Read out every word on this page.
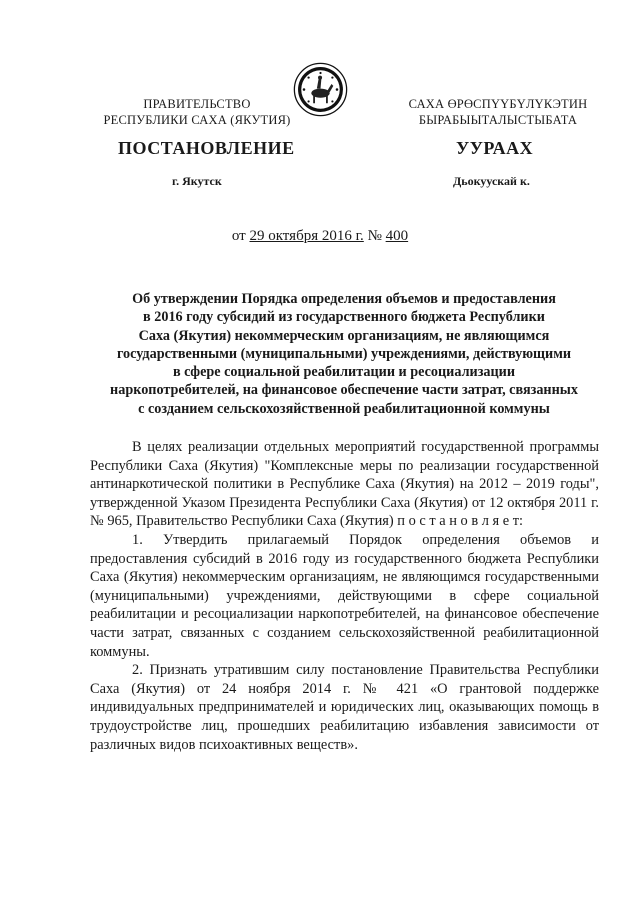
ПРАВИТЕЛЬСТВО
РЕСПУБЛИКИ САХА (ЯКУТИЯ)
САХА ӨРӨСПҮҮБҮЛҮКЭТИН
БЫРАБЫЫТАЛЫСТЫБАТА
ПОСТАНОВЛЕНИЕ	УУРААХ
г. Якутск	Дьокуускай к.
от 29 октября 2016 г. № 400
Об утверждении Порядка определения объемов и предоставления
в 2016 году субсидий из государственного бюджета Республики
Саха (Якутия) некоммерческим организациям, не являющимся
государственными (муниципальными) учреждениями, действующими
в сфере социальной реабилитации и ресоциализации
наркопотребителей, на финансовое обеспечение части затрат, связанных
с созданием сельскохозяйственной реабилитационной коммуны

В целях реализации отдельных мероприятий государственной программы Республики Саха (Якутия) "Комплексные меры по реализации государственной антинаркотической политики в Республике Саха (Якутия) на 2012 – 2019 годы", утвержденной Указом Президента Республики Саха (Якутия) от 12 октября 2011 г. № 965, Правительство Республики Саха (Якутия) п о с т а н о в л я е т:

1. Утвердить прилагаемый Порядок определения объемов и предоставления субсидий в 2016 году из государственного бюджета Республики Саха (Якутия) некоммерческим организациям, не являющимся государственными (муниципальными) учреждениями, действующими в сфере социальной реабилитации и ресоциализации наркопотребителей, на финансовое обеспечение части затрат, связанных с созданием сельскохозяйственной реабилитационной коммуны.

2. Признать утратившим силу постановление Правительства Республики Саха (Якутия) от 24 ноября 2014 г. № 421 «О грантовой поддержке индивидуальных предпринимателей и юридических лиц, оказывающих помощь в трудоустройстве лиц, прошедших реабилитацию избавления зависимости от различных видов психоактивных веществ».
